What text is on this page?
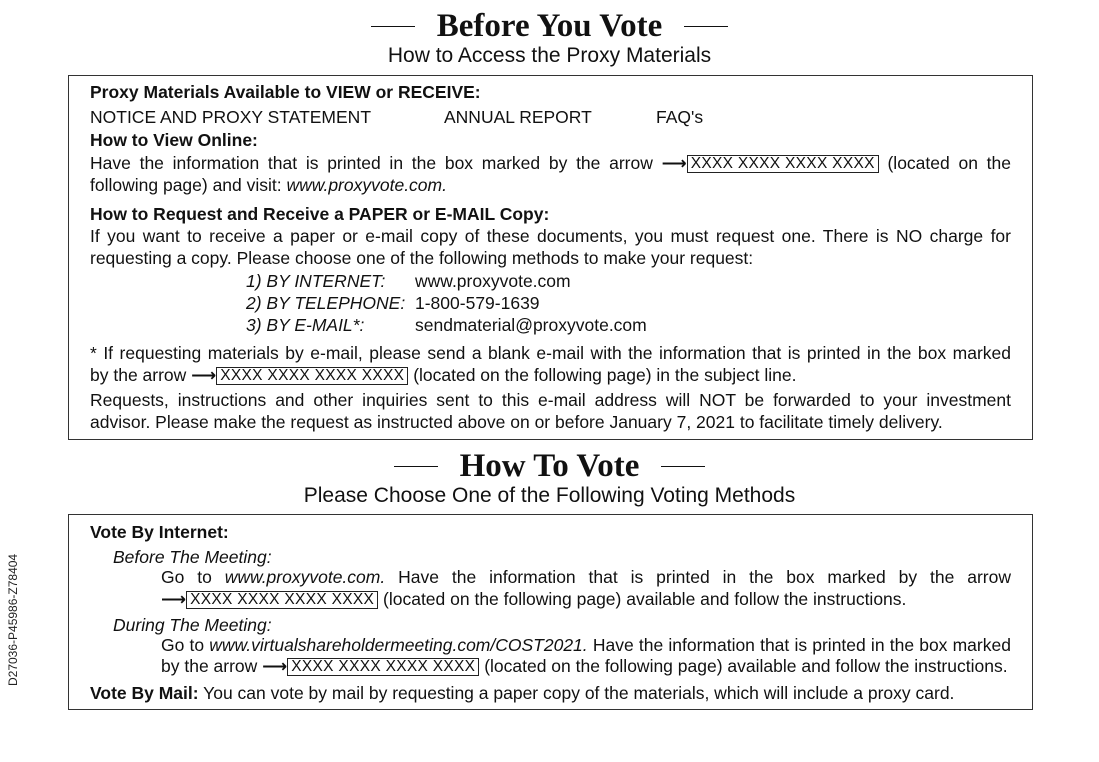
Before You Vote
How to Access the Proxy Materials
Proxy Materials Available to VIEW or RECEIVE:
NOTICE AND PROXY STATEMENT	ANNUAL REPORT	FAQ's
How to View Online:
Have the information that is printed in the box marked by the arrow ⟶ XXXX XXXX XXXX XXXX (located on the
following page) and visit: www.proxyvote.com.
How to Request and Receive a PAPER or E-MAIL Copy:
If you want to receive a paper or e-mail copy of these documents, you must request one. There is NO charge for
requesting a copy. Please choose one of the following methods to make your request:
1) BY INTERNET: www.proxyvote.com
2) BY TELEPHONE: 1-800-579-1639
3) BY E-MAIL*:	sendmaterial@proxyvote.com
* If requesting materials by e-mail, please send a blank e-mail with the information that is printed in the box marked
by the arrow ⟶ XXXX XXXX XXXX XXXX (located on the following page) in the subject line.
Requests, instructions and other inquiries sent to this e-mail address will NOT be forwarded to your investment
advisor. Please make the request as instructed above on or before January 7, 2021 to facilitate timely delivery.
How To Vote
Please Choose One of the Following Voting Methods
Vote By Internet:
Before The Meeting:
Go to www.proxyvote.com. Have the information that is printed in the box marked by the arrow
⟶ XXXX XXXX XXXX XXXX (located on the following page) available and follow the instructions.
During The Meeting:
Go to www.virtualshareholdermeeting.com/COST2021. Have the information that is printed in the box marked
by the arrow ⟶ XXXX XXXX XXXX XXXX (located on the following page) available and follow the instructions.
Vote By Mail: You can vote by mail by requesting a paper copy of the materials, which will include a proxy card.
D27036-P45986-Z78404
